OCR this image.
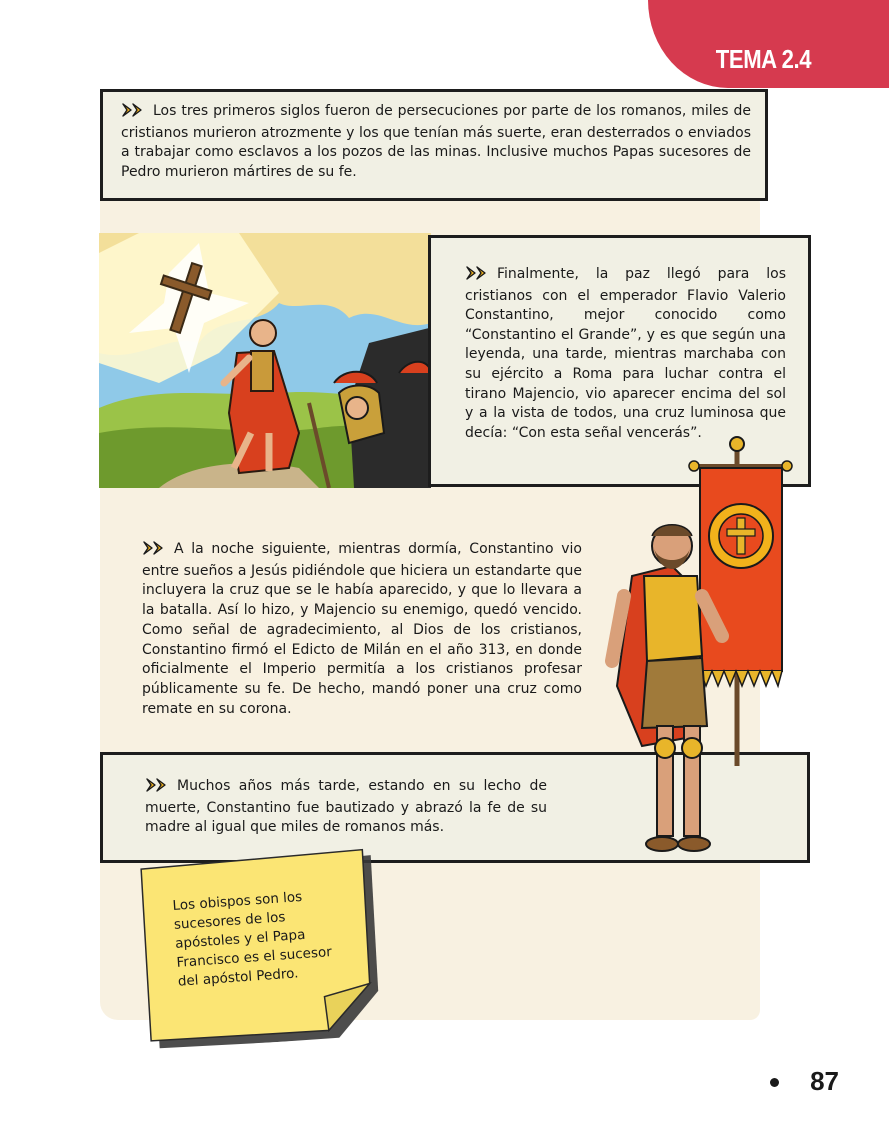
TEMA 2.4

Los tres primeros siglos fueron de persecuciones por parte de los romanos, miles de cristianos murieron atrozmente y los que tenían más suerte, eran desterrados o enviados a trabajar como esclavos a los pozos de las minas. Inclusive muchos Papas sucesores de Pedro murieron mártires de su fe.

Finalmente, la paz llegó para los cristianos con el emperador Flavio Valerio Constantino, mejor conocido como “Constantino el Grande”, y es que según una leyenda, una tarde, mientras marchaba con su ejército a Roma para luchar contra el tirano Majencio, vio aparecer encima del sol y a la vista de todos, una cruz luminosa que decía: “Con esta señal vencerás”.

A la noche siguiente, mientras dormía, Constantino vio entre sueños a Jesús pidiéndole que hiciera un estandarte que incluyera la cruz que se le había aparecido, y que lo llevara a la batalla. Así lo hizo, y Majencio su enemigo, quedó vencido. Como señal de agradecimiento, al Dios de los cristianos, Constantino firmó el Edicto de Milán en el año 313, en donde oficialmente el Imperio permitía a los cristianos profesar públicamente su fe. De hecho, mandó poner una cruz como remate en su corona.

Muchos años más tarde, estando en su lecho de muerte, Constantino fue bautizado y abrazó la fe de su madre al igual que miles de romanos más.

Los obispos son los sucesores de los apóstoles y el Papa Francisco es el sucesor del apóstol Pedro.
87
